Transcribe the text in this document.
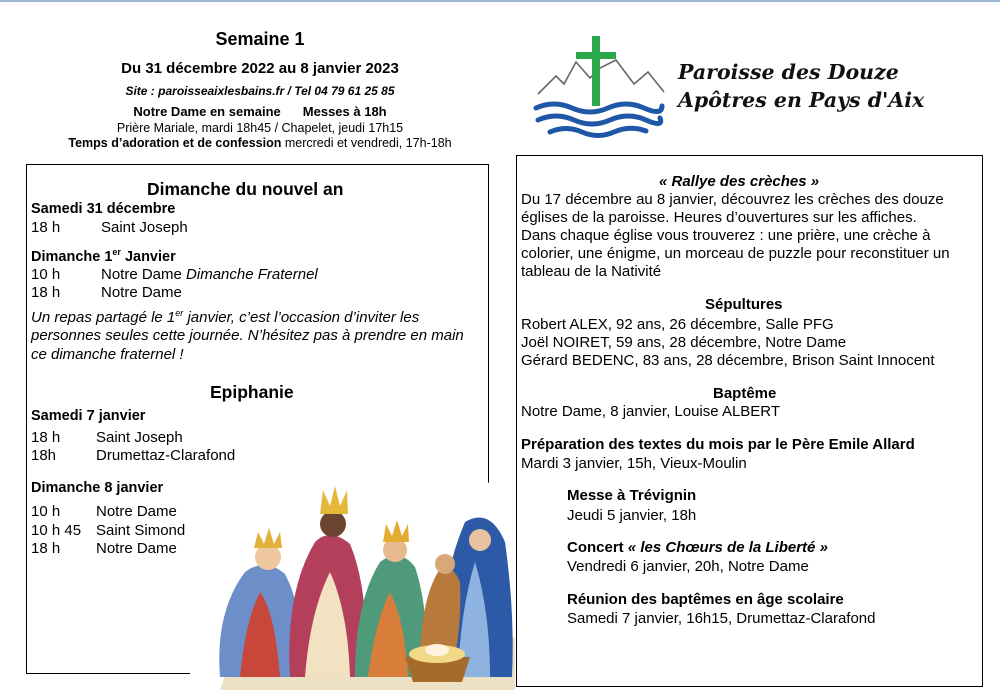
Semaine 1
Du 31 décembre 2022 au 8 janvier 2023
Site : paroisseaixlesbains.fr / Tel 04 79 61 25 85
Notre Dame en semaine Messes à 18h
Prière Mariale, mardi 18h45 / Chapelet, jeudi 17h15
Temps d’adoration et de confession mercredi et vendredi, 17h-18h
Paroisse des Douze
Apôtres en Pays d'Aix
Dimanche du nouvel an
Samedi 31 décembre
18 h	Saint Joseph
Dimanche 1er Janvier
10 h	Notre Dame Dimanche Fraternel
18 h	Notre Dame
Un repas partagé le 1er janvier, c’est l’occasion d’inviter les
personnes seules cette journée. N’hésitez pas à prendre en main
ce dimanche fraternel !
Epiphanie
Samedi 7 janvier
18 h Saint Joseph
18h	Drumettaz-Clarafond
Dimanche 8 janvier
10 h Notre Dame
10 h 45 Saint Simond
18 h Notre Dame
« Rallye des crèches »
Du 17 décembre au 8 janvier, découvrez les crèches des douze
églises de la paroisse. Heures d’ouvertures sur les affiches.
Dans chaque église vous trouverez : une prière, une crèche à
colorier, une énigme, un morceau de puzzle pour reconstituer un
tableau de la Nativité
Sépultures
Robert ALEX, 92 ans, 26 décembre, Salle PFG
Joël NOIRET, 59 ans, 28 décembre, Notre Dame
Gérard BEDENC, 83 ans, 28 décembre, Brison Saint Innocent
Baptême
Notre Dame, 8 janvier, Louise ALBERT
Préparation des textes du mois par le Père Emile Allard
Mardi 3 janvier, 15h, Vieux-Moulin
Messe à Trévignin
Jeudi 5 janvier, 18h
Concert « les Chœurs de la Liberté »
Vendredi 6 janvier, 20h, Notre Dame
Réunion des baptêmes en âge scolaire
Samedi 7 janvier, 16h15, Drumettaz-Clarafond
